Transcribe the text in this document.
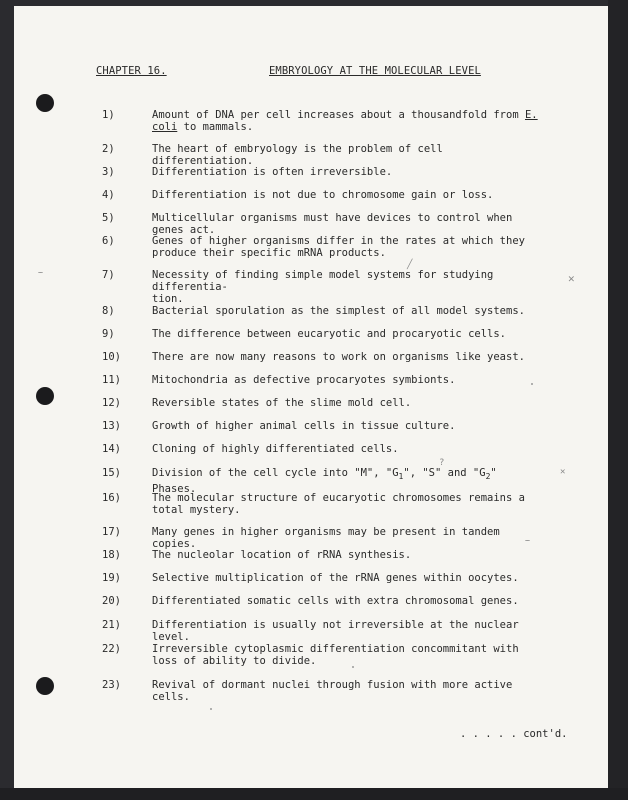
CHAPTER 16.	EMBRYOLOGY AT THE MOLECULAR LEVEL
1)	Amount of DNA per cell increases about a thousandfold from E. coli to mammals.
2)	The heart of embryology is the problem of cell differentiation.
3)	Differentiation is often irreversible.
4)	Differentiation is not due to chromosome gain or loss.
5)	Multicellular organisms must have devices to control when genes act.
6)	Genes of higher organisms differ in the rates at which they produce their specific mRNA products.
7)	Necessity of finding simple model systems for studying differentia-
tion.
8)	Bacterial sporulation as the simplest of all model systems.
9)	The difference between eucaryotic and procaryotic cells.
10)	There are now many reasons to work on organisms like yeast.
11)	Mitochondria as defective procaryotes symbionts.
12)	Reversible states of the slime mold cell.
13)	Growth of higher animal cells in tissue culture.
14)	Cloning of highly differentiated cells.
15)	Division of the cell cycle into "M", "$G_1$", "S" and "$G_2$" Phases.
16)	The molecular structure of eucaryotic chromosomes remains a total mystery.
17)	Many genes in higher organisms may be present in tandem copies.
18)	The nucleolar location of rRNA synthesis.
19)	Selective multiplication of the rRNA genes within oocytes.
20)	Differentiated somatic cells with extra chromosomal genes.
21)	Differentiation is usually not irreversible at the nuclear level.
22)	Irreversible cytoplasmic differentiation concommitant with loss of ability to divide.
23)	Revival of dormant nuclei through fusion with more active cells.
✕
✕
╱
?
. . . . . cont'd.
